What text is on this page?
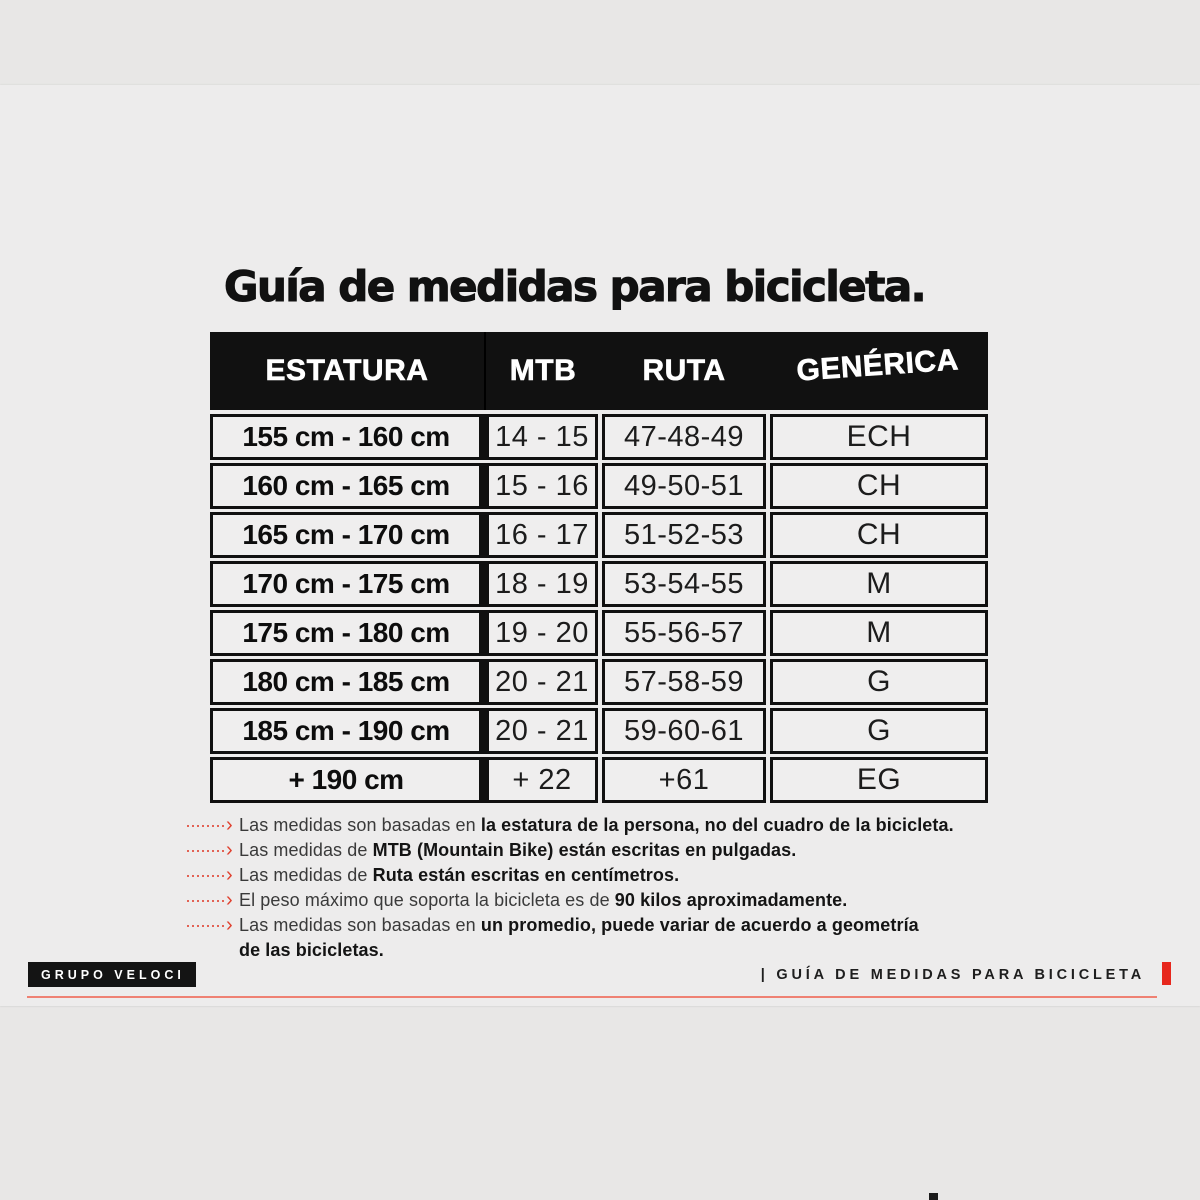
Guía de medidas para bicicleta.
ESTATURA	MTB	RUTA	GENÉRICA
155 cm - 160 cm	14 - 15	47-48-49	ECH
160 cm - 165 cm	15 - 16	49-50-51	CH
165 cm - 170 cm	16 - 17	51-52-53	CH
170 cm - 175 cm	18 - 19	53-54-55	M
175 cm - 180 cm	19 - 20	55-56-57	M
180 cm - 185 cm	20 - 21	57-58-59	G
185 cm - 190 cm	20 - 21	59-60-61	G
+ 190 cm	+ 22	+61	EG
› Las medidas son basadas en la estatura de la persona, no del cuadro de la bicicleta.
› Las medidas de MTB (Mountain Bike) están escritas en pulgadas.
› Las medidas de Ruta están escritas en centímetros.
› El peso máximo que soporta la bicicleta es de 90 kilos aproximadamente.
› Las medidas son basadas en un promedio, puede variar de acuerdo a geometría
de las bicicletas.
GRUPO VELOCI	| GUÍA DE MEDIDAS PARA BICICLETA
